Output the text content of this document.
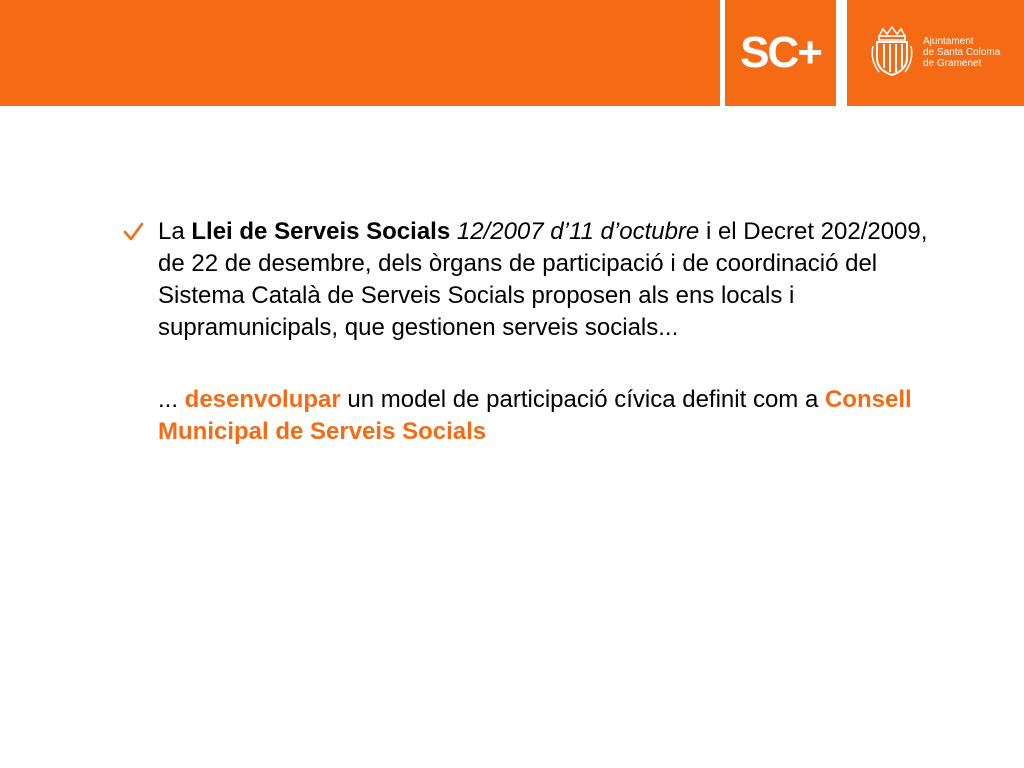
SC+	Ajuntament
de Santa Coloma
de Gramenet

La Llei de Serveis Socials 12/2007 d’11 d’octubre i el Decret 202/2009, de 22 de desembre, dels òrgans de participació i de coordinació del Sistema Català de Serveis Socials proposen als ens locals i supramunicipals, que gestionen serveis socials...

... desenvolupar un model de participació cívica definit com a Consell Municipal de Serveis Socials
